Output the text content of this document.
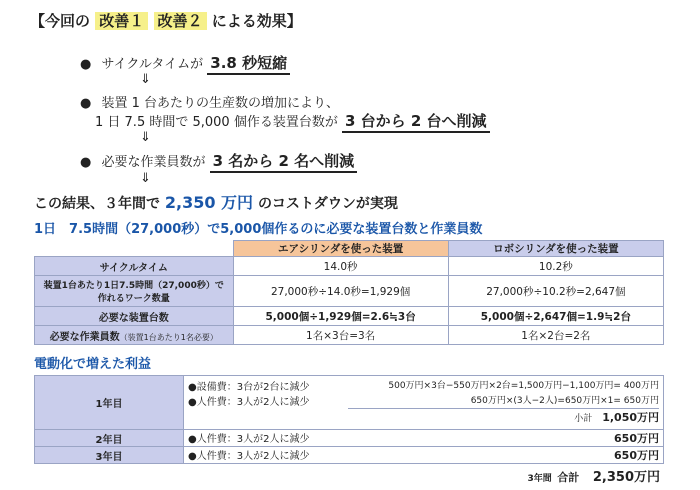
【今回の 改善１ 改善２ による効果】
● サイクルタイムが 3.8 秒短縮
⇓
● 装置 1 台あたりの生産数の増加により、
1 日 7.5 時間で 5,000 個作る装置台数が 3 台から 2 台へ削減
⇓
● 必要な作業員数が 3 名から 2 名へ削減
⇓
この結果、３年間で 2,350 万円 のコストダウンが実現
1日　7.5時間（27,000秒）で5,000個作るのに必要な装置台数と作業員数
	エアシリンダを使った装置	ロボシリンダを使った装置
サイクルタイム	14.0秒	10.2秒

装置1台あたり1日7.5時間（27,000秒）で
作れるワーク数量	27,000秒÷14.0秒=1,929個	27,000秒÷10.2秒=2,647個
必要な装置台数	5,000個÷1,929個=2.6≒3台	5,000個÷2,647個=1.9≒2台
必要な作業員数（装置1台あたり1名必要）	1名×3台=3名	1名×2台=2名
電動化で増えた利益
1年目	●設備費：3台が2台に減少 500万円×3台−550万円×2台=1,500万円−1,100万円= 400万円
●人件費：3人が2人に減少 650万円×(3人−2人)=650万円×1= 650万円
小計 1,050万円

2年目	●人件費：3人が2人に減少 650万円

3年目	●人件費：3人が2人に減少 650万円
3年間 合計 2,350万円
